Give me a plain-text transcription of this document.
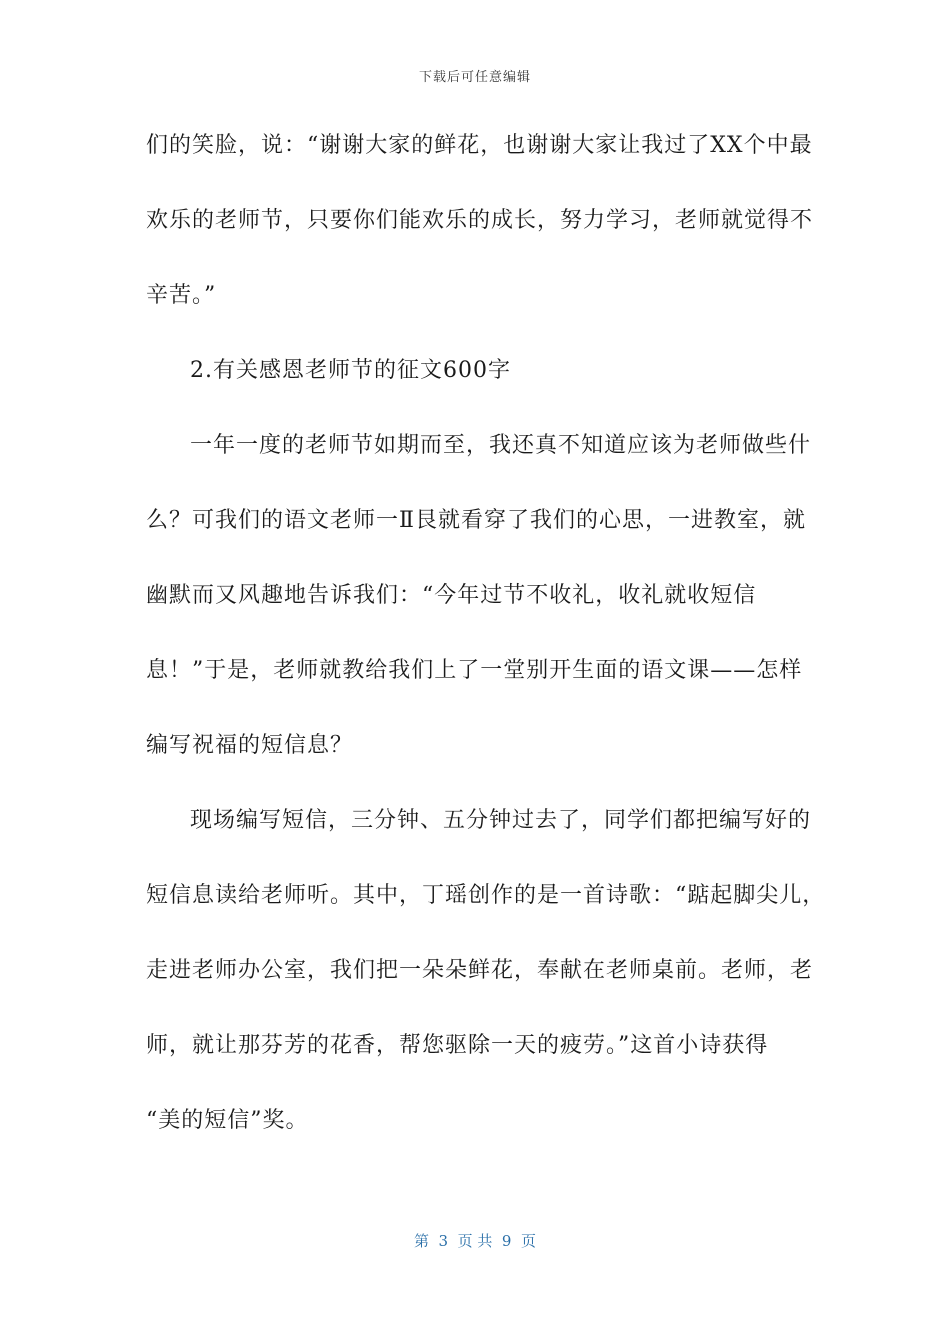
下载后可任意编辑
们的笑脸，说：“谢谢大家的鲜花，也谢谢大家让我过了XX个中最
欢乐的老师节，只要你们能欢乐的成长，努力学习，老师就觉得不
辛苦。”
2.有关感恩老师节的征文600字
一年一度的老师节如期而至，我还真不知道应该为老师做些什
么？可我们的语文老师一Ⅱ艮就看穿了我们的心思，一进教室，就
幽默而又风趣地告诉我们：“今年过节不收礼，收礼就收短信
息！”于是，老师就教给我们上了一堂别开生面的语文课——怎样
编写祝福的短信息？
现场编写短信，三分钟、五分钟过去了，同学们都把编写好的
短信息读给老师听。其中，丁瑶创作的是一首诗歌：“踮起脚尖儿，
走进老师办公室，我们把一朵朵鲜花，奉献在老师桌前。老师，老
师，就让那芬芳的花香，帮您驱除一天的疲劳。”这首小诗获得
“美的短信”奖。
第  3  页 共  9  页
